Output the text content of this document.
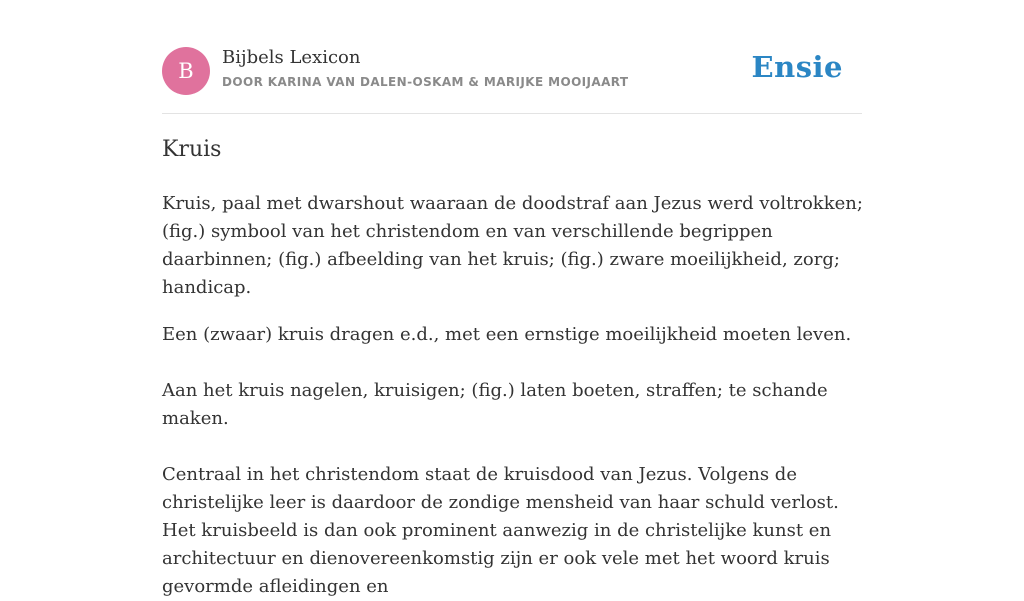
B
Bijbels Lexicon
DOOR KARINA VAN DALEN-OSKAM & MARIJKE MOOIJAART	Ensie
Kruis

Kruis, paal met dwarshout waaraan de doodstraf aan Jezus werd voltrokken; (fig.) symbool van het christendom en van verschillende begrippen daarbinnen; (fig.) afbeelding van het kruis; (fig.) zware moeilijkheid, zorg; handicap.

Een (zwaar) kruis dragen e.d., met een ernstige moeilijkheid moeten leven.

Aan het kruis nagelen, kruisigen; (fig.) laten boeten, straffen; te schande maken.

Centraal in het christendom staat de kruisdood van Jezus. Volgens de christelijke leer is daardoor de zondige mensheid van haar schuld verlost. Het kruisbeeld is dan ook prominent aanwezig in de christelijke kunst en architectuur en dienovereenkomstig zijn er ook vele met het woord kruis gevormde afleidingen en
